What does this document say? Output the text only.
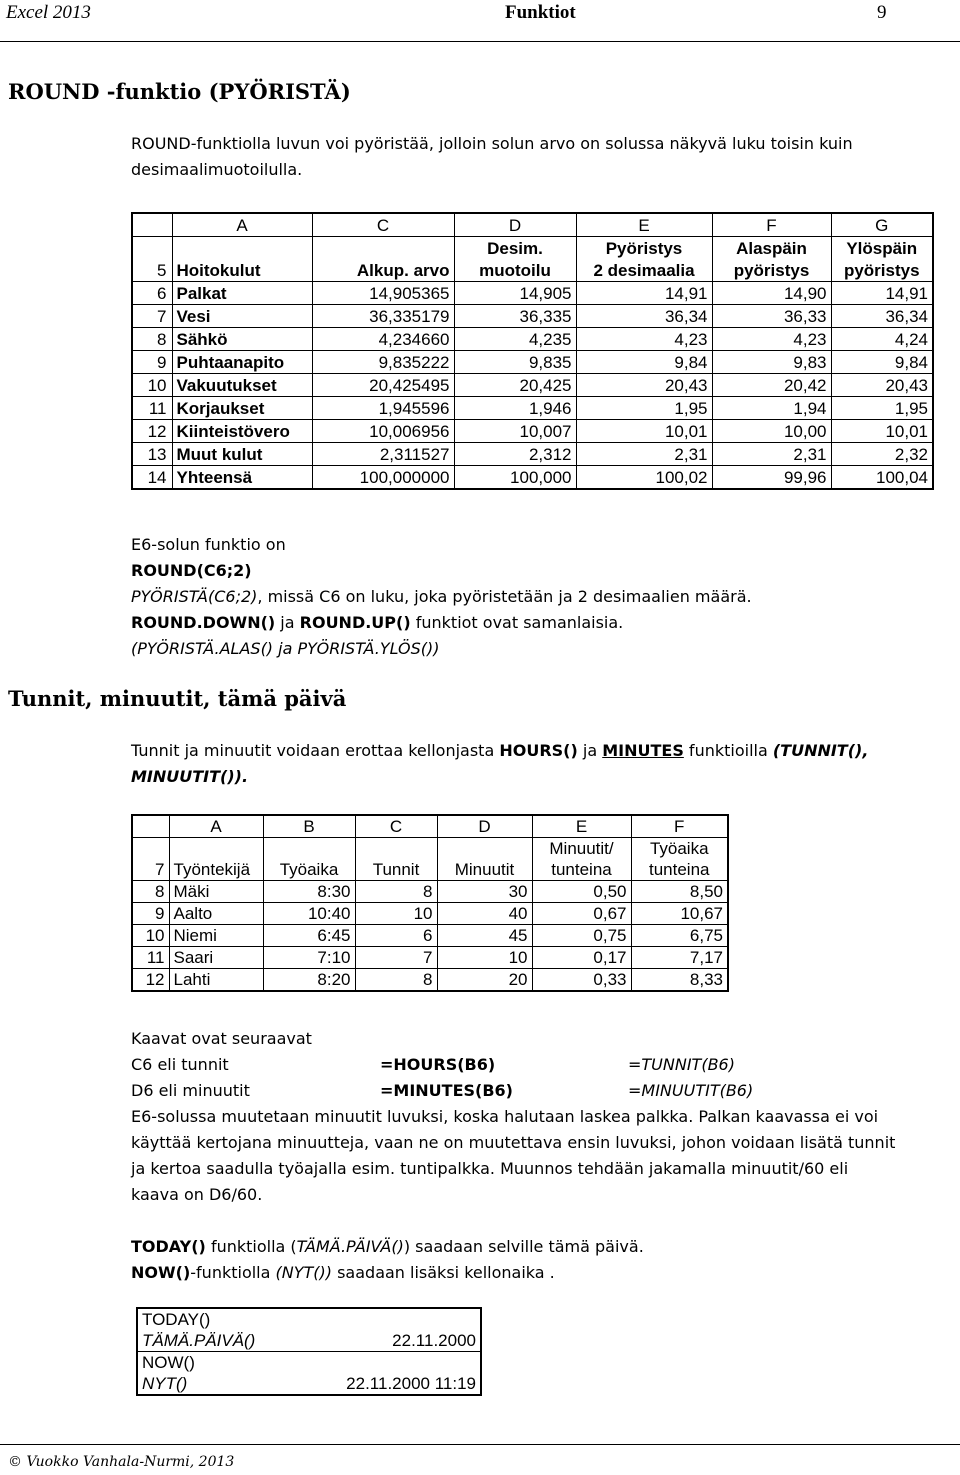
Excel 2013	Funktiot	9
ROUND -funktio (PYÖRISTÄ)
ROUND-funktiolla luvun voi pyöristää, jolloin solun arvo on solussa näkyvä luku toisin kuin
desimaalimuotoilulla.
	A	C	D	E	F	G
5			Desim.	Pyöristys	Alaspäin	Ylöspäin
	Hoitokulut	Alkup. arvo	muotoilu	2 desimaalia	pyöristys	pyöristys
6	Palkat	14,905365	14,905	14,91	14,90	14,91
7	Vesi	36,335179	36,335	36,34	36,33	36,34
8	Sähkö	4,234660	4,235	4,23	4,23	4,24
9	Puhtaanapito	9,835222	9,835	9,84	9,83	9,84
10	Vakuutukset	20,425495	20,425	20,43	20,42	20,43
11	Korjaukset	1,945596	1,946	1,95	1,94	1,95
12	Kiinteistövero	10,006956	10,007	10,01	10,00	10,01
13	Muut kulut	2,311527	2,312	2,31	2,31	2,32
14	Yhteensä	100,000000	100,000	100,02	99,96	100,04
E6-solun funktio on
ROUND(C6;2)
PYÖRISTÄ(C6;2), missä C6 on luku, joka pyöristetään ja 2 desimaalien määrä.
ROUND.DOWN() ja ROUND.UP() funktiot ovat samanlaisia.
(PYÖRISTÄ.ALAS() ja PYÖRISTÄ.YLÖS())
Tunnit, minuutit, tämä päivä
Tunnit ja minuutit voidaan erottaa kellonjasta HOURS() ja MINUTES funktioilla (TUNNIT(),
MINUUTIT()).
	A	B	C	D	E	F
7					Minuutit/	Työaika
	Työntekijä	Työaika	Tunnit	Minuutit	tunteina	tunteina
8	Mäki	8:30	8	30	0,50	8,50
9	Aalto	10:40	10	40	0,67	10,67
10	Niemi	6:45	6	45	0,75	6,75
11	Saari	7:10	7	10	0,17	7,17
12	Lahti	8:20	8	20	0,33	8,33
Kaavat ovat seuraavat
C6 eli tunnit	=HOURS(B6)	=TUNNIT(B6)
D6 eli minuutit	=MINUTES(B6)	=MINUUTIT(B6)
E6-solussa muutetaan minuutit luvuksi, koska halutaan laskea palkka. Palkan kaavassa ei voi
käyttää kertojana minuutteja, vaan ne on muutettava ensin luvuksi, johon voidaan lisätä tunnit
ja kertoa saadulla työajalla esim. tuntipalkka. Muunnos tehdään jakamalla minuutit/60 eli
kaava on D6/60.
TODAY() funktiolla (TÄMÄ.PÄIVÄ()) saadaan selville tämä päivä.
NOW()-funktiolla (NYT()) saadaan lisäksi kellonaika .
TODAY()	
TÄMÄ.PÄIVÄ()	22.11.2000
NOW()	
NYT()	22.11.2000 11:19
© Vuokko Vanhala-Nurmi, 2013
